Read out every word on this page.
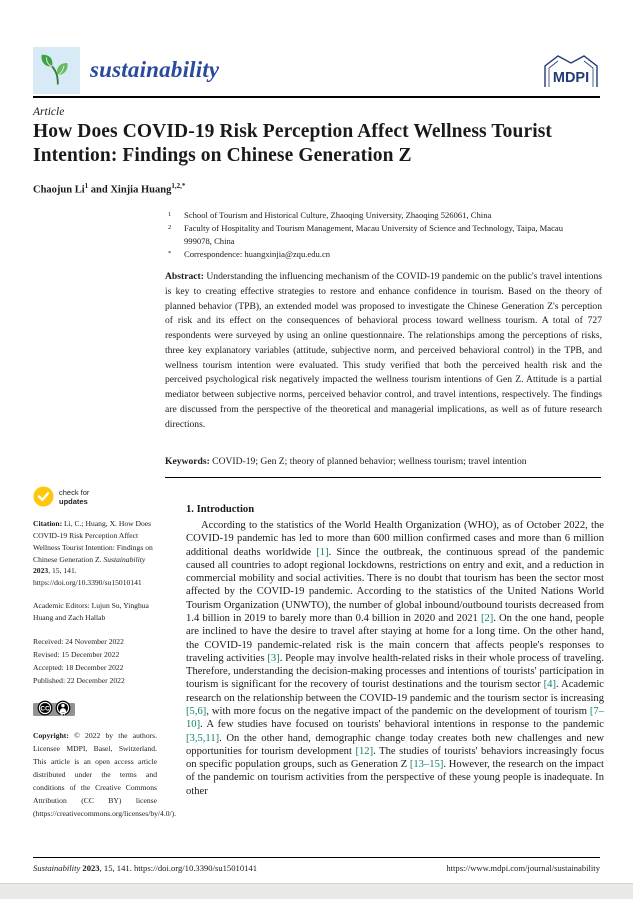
sustainability	MDPI
Article
How Does COVID-19 Risk Perception Affect Wellness Tourist Intention: Findings on Chinese Generation Z
Chaojun Li$^1$ and Xinjia Huang$^{1,2,*}$
1	School of Tourism and Historical Culture, Zhaoqing University, Zhaoqing 526061, China
2	Faculty of Hospitality and Tourism Management, Macau University of Science and Technology, Taipa, Macau 999078, China
*	Correspondence: huangxinjia@zqu.edu.cn

Abstract: Understanding the influencing mechanism of the COVID-19 pandemic on the public's travel intentions is key to creating effective strategies to restore and enhance confidence in tourism. Based on the theory of planned behavior (TPB), an extended model was proposed to investigate the Chinese Generation Z's perception of risk and its effect on the consequences of behavioral process toward wellness tourism. A total of 727 respondents were surveyed by using an online questionnaire. The relationships among the perceptions of risks, three key explanatory variables (attitude, subjective norm, and perceived behavioral control) in the TPB, and wellness tourism intention were evaluated. This study verified that both the perceived health risk and the perceived psychological risk negatively impacted the wellness tourism intentions of Gen Z. Attitude is a partial mediator between subjective norms, perceived behavior control, and travel intentions, respectively. The findings are discussed from the perspective of the theoretical and managerial implications, as well as of future research directions.

Keywords: COVID-19; Gen Z; theory of planned behavior; wellness tourism; travel intention

check for
updates
Citation: Li, C.; Huang, X. How Does COVID-19 Risk Perception Affect Wellness Tourist Intention: Findings on Chinese Generation Z. Sustainability 2023, 15, 141. https://doi.org/10.3390/su15010141
Academic Editors: Lujun Su, Yinghua Huang and Zach Hallab
Received: 24 November 2022
Revised: 15 December 2022
Accepted: 18 December 2022
Published: 22 December 2022
CC
BY
Copyright: © 2022 by the authors. Licensee MDPI, Basel, Switzerland. This article is an open access article distributed under the terms and conditions of the Creative Commons Attribution (CC BY) license (https://creativecommons.org/licenses/by/4.0/).
1. Introduction

According to the statistics of the World Health Organization (WHO), as of October 2022, the COVID-19 pandemic has led to more than 600 million confirmed cases and more than 6 million additional deaths worldwide [1]. Since the outbreak, the continuous spread of the pandemic caused all countries to adopt regional lockdowns, restrictions on entry and exit, and a reduction in commercial mobility and social activities. There is no doubt that tourism has been the sector most affected by the COVID-19 pandemic. According to the statistics of the United Nations World Tourism Organization (UNWTO), the number of global inbound/outbound tourists decreased from 1.4 billion in 2019 to barely more than 0.4 billion in 2020 and 2021 [2]. On the one hand, people are inclined to have the desire to travel after staying at home for a long time. On the other hand, the COVID-19 pandemic-related risk is the main concern that affects people's responses to traveling activities [3]. People may involve health-related risks in their whole process of traveling. Therefore, understanding the decision-making processes and intentions of tourists' participation in tourism is significant for the recovery of tourist destinations and the tourism sector [4]. Academic research on the relationship between the COVID-19 pandemic and the tourism sector is increasing [5,6], with more focus on the negative impact of the pandemic on the development of tourism [7–10]. A few studies have focused on tourists' behavioral intentions in response to the pandemic [3,5,11]. On the other hand, demographic change today creates both new challenges and new opportunities for tourism development [12]. The studies of tourists' behaviors increasingly focus on specific population groups, such as Generation Z [13–15]. However, the research on the impact of the pandemic on tourism activities from the perspective of these young people is inadequate. In other

Sustainability 2023, 15, 141. https://doi.org/10.3390/su15010141	https://www.mdpi.com/journal/sustainability
